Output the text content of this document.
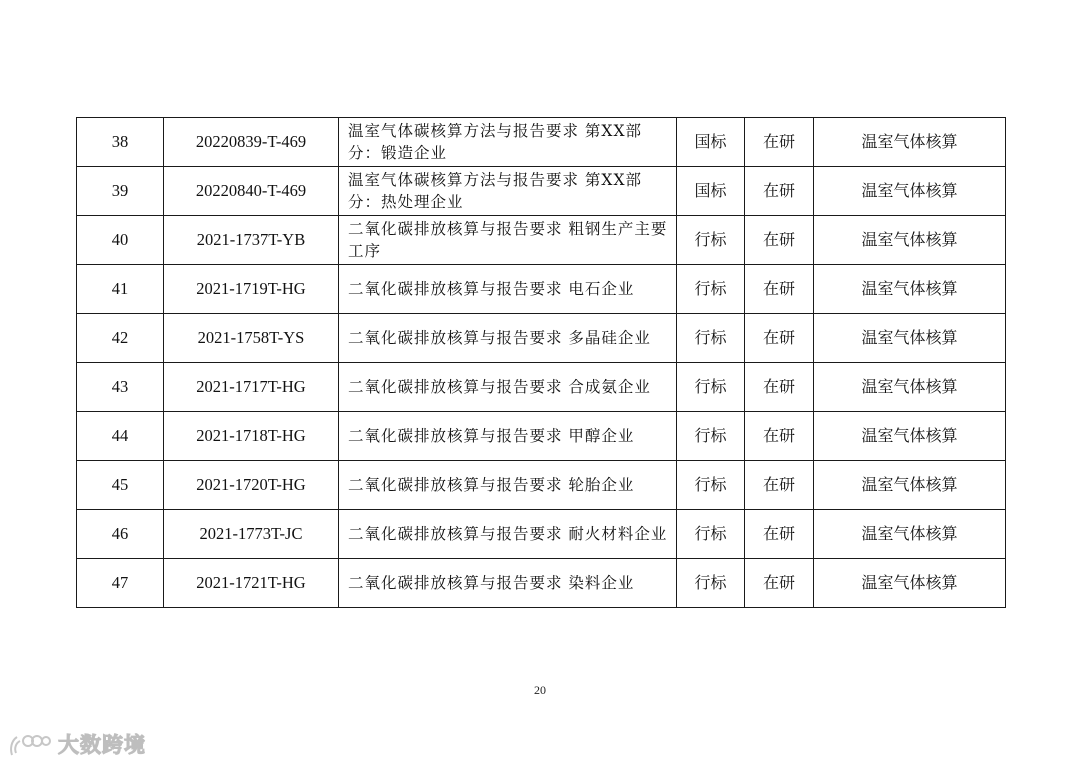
38	20220839-T-469	温室气体碳核算方法与报告要求 第XX部分：锻造企业	国标	在研	温室气体核算
39	20220840-T-469	温室气体碳核算方法与报告要求 第XX部分：热处理企业	国标	在研	温室气体核算
40	2021-1737T-YB	二氧化碳排放核算与报告要求 粗钢生产主要工序	行标	在研	温室气体核算
41	2021-1719T-HG	二氧化碳排放核算与报告要求 电石企业	行标	在研	温室气体核算
42	2021-1758T-YS	二氧化碳排放核算与报告要求 多晶硅企业	行标	在研	温室气体核算
43	2021-1717T-HG	二氧化碳排放核算与报告要求 合成氨企业	行标	在研	温室气体核算
44	2021-1718T-HG	二氧化碳排放核算与报告要求 甲醇企业	行标	在研	温室气体核算
45	2021-1720T-HG	二氧化碳排放核算与报告要求 轮胎企业	行标	在研	温室气体核算
46	2021-1773T-JC	二氧化碳排放核算与报告要求 耐火材料企业	行标	在研	温室气体核算
47	2021-1721T-HG	二氧化碳排放核算与报告要求 染料企业	行标	在研	温室气体核算
20
大数跨境
